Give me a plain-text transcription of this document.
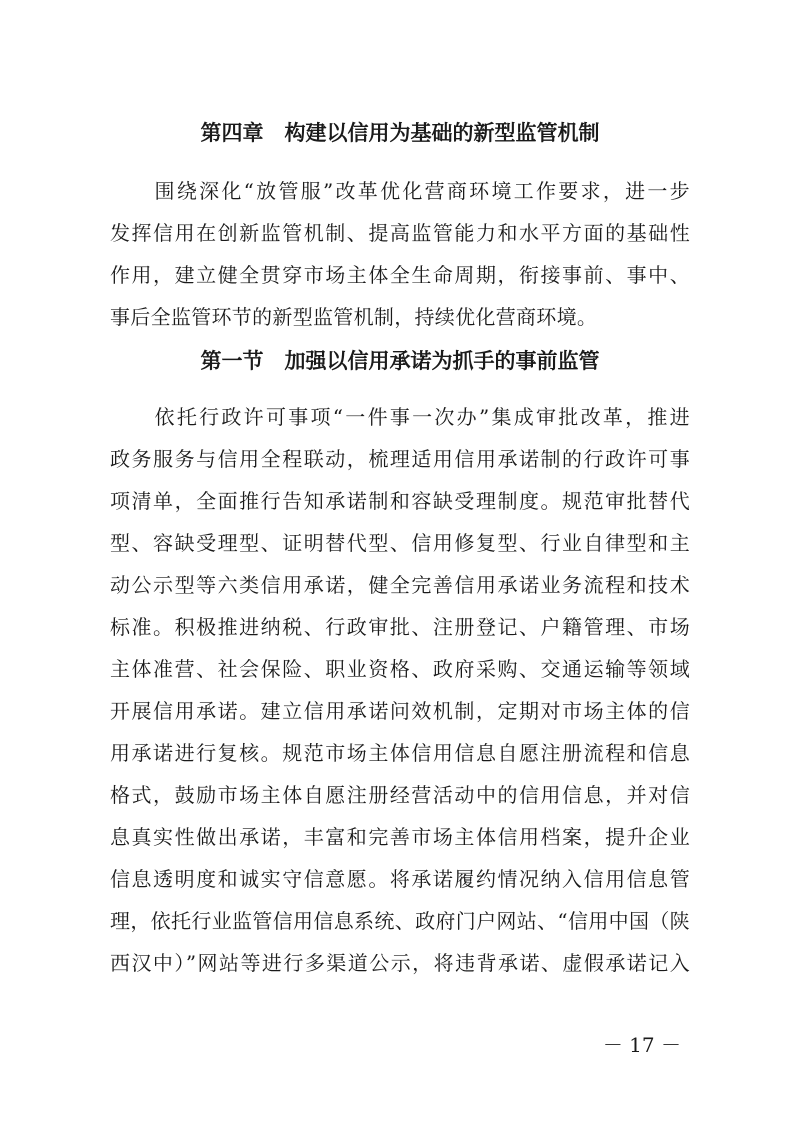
第四章　构建以信用为基础的新型监管机制

　　围绕深化“放管服”改革优化营商环境工作要求，进一步
发挥信用在创新监管机制、提高监管能力和水平方面的基础性
作用，建立健全贯穿市场主体全生命周期，衔接事前、事中、
事后全监管环节的新型监管机制，持续优化营商环境。

第一节　加强以信用承诺为抓手的事前监管

　　依托行政许可事项“一件事一次办”集成审批改革，推进
政务服务与信用全程联动，梳理适用信用承诺制的行政许可事
项清单，全面推行告知承诺制和容缺受理制度。规范审批替代
型、容缺受理型、证明替代型、信用修复型、行业自律型和主
动公示型等六类信用承诺，健全完善信用承诺业务流程和技术
标准。积极推进纳税、行政审批、注册登记、户籍管理、市场
主体准营、社会保险、职业资格、政府采购、交通运输等领域
开展信用承诺。建立信用承诺问效机制，定期对市场主体的信
用承诺进行复核。规范市场主体信用信息自愿注册流程和信息
格式，鼓励市场主体自愿注册经营活动中的信用信息，并对信
息真实性做出承诺，丰富和完善市场主体信用档案，提升企业
信息透明度和诚实守信意愿。将承诺履约情况纳入信用信息管
理，依托行业监管信用信息系统、政府门户网站、“信用中国（陕
西汉中）”网站等进行多渠道公示，将违背承诺、虚假承诺记入

－ 17 －
